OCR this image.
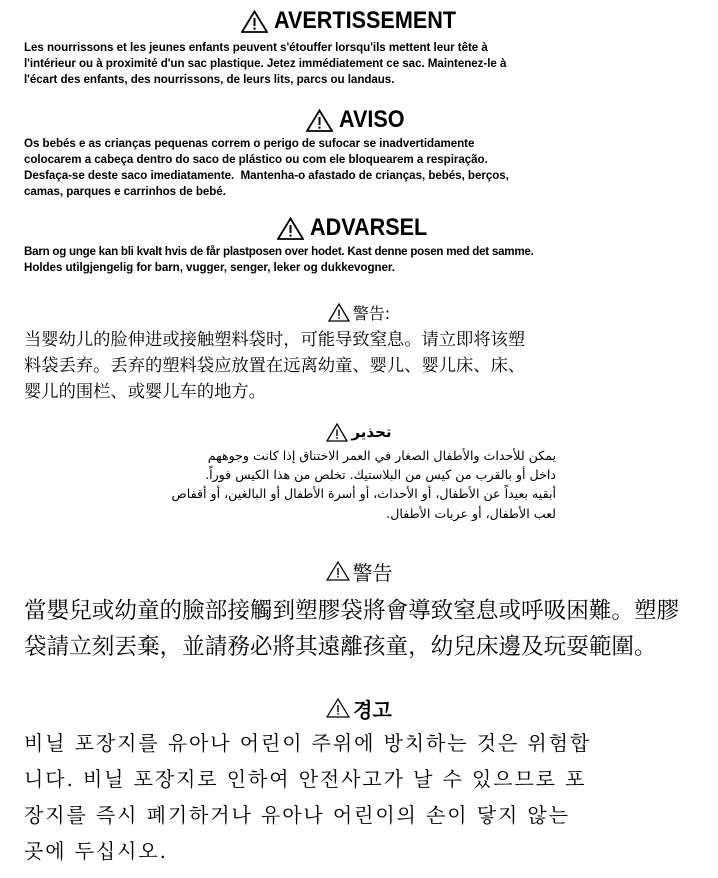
AVERTISSEMENT
Les nourrissons et les jeunes enfants peuvent s'étouffer lorsqu'ils mettent leur tête à
l'intérieur ou à proximité d'un sac plastique. Jetez immédiatement ce sac. Maintenez-le à
l'écart des enfants, des nourrissons, de leurs lits, parcs ou landaus.
AVISO
Os bebés e as crianças pequenas correm o perigo de sufocar se inadvertidamente
colocarem a cabeça dentro do saco de plástico ou com ele bloquearem a respiração.
Desfaça-se deste saco imediatamente.  Mantenha-o afastado de crianças, bebés, berços,
camas, parques e carrinhos de bebé.
ADVARSEL
Barn og unge kan bli kvalt hvis de får plastposen over hodet. Kast denne posen med det samme.
Holdes utilgjengelig for barn, vugger, senger, leker og dukkevogner.
警告:
当婴幼儿的脸伸进或接触塑料袋时，可能导致窒息。请立即将该塑
料袋丢弃。丢弃的塑料袋应放置在远离幼童、婴儿、婴儿床、床、
婴儿的围栏、或婴儿车的地方。
تحذير
يمكن للأحداث والأطفال الصغار في العمر الاختناق إذا كانت وجوههم
داخل أو بالقرب من كيس من البلاستيك. تخلص من هذا الكيس فوراً.
أبقيه بعيداً عن الأطفال، أو الأحداث، أو أسرة الأطفال أو البالغين، أو أقفاص
لعب الأطفال، أو عربات الأطفال.
警告
當嬰兒或幼童的臉部接觸到塑膠袋將會導致窒息或呼吸困難。塑膠
袋請立刻丟棄，並請務必將其遠離孩童，幼兒床邊及玩耍範圍。
경고
비닐 포장지를 유아나 어린이 주위에 방치하는 것은 위험합
니다. 비닐 포장지로 인하여 안전사고가 날 수 있으므로 포
장지를 즉시 폐기하거나 유아나 어린이의 손이 닿지 않는
곳에 두십시오.
